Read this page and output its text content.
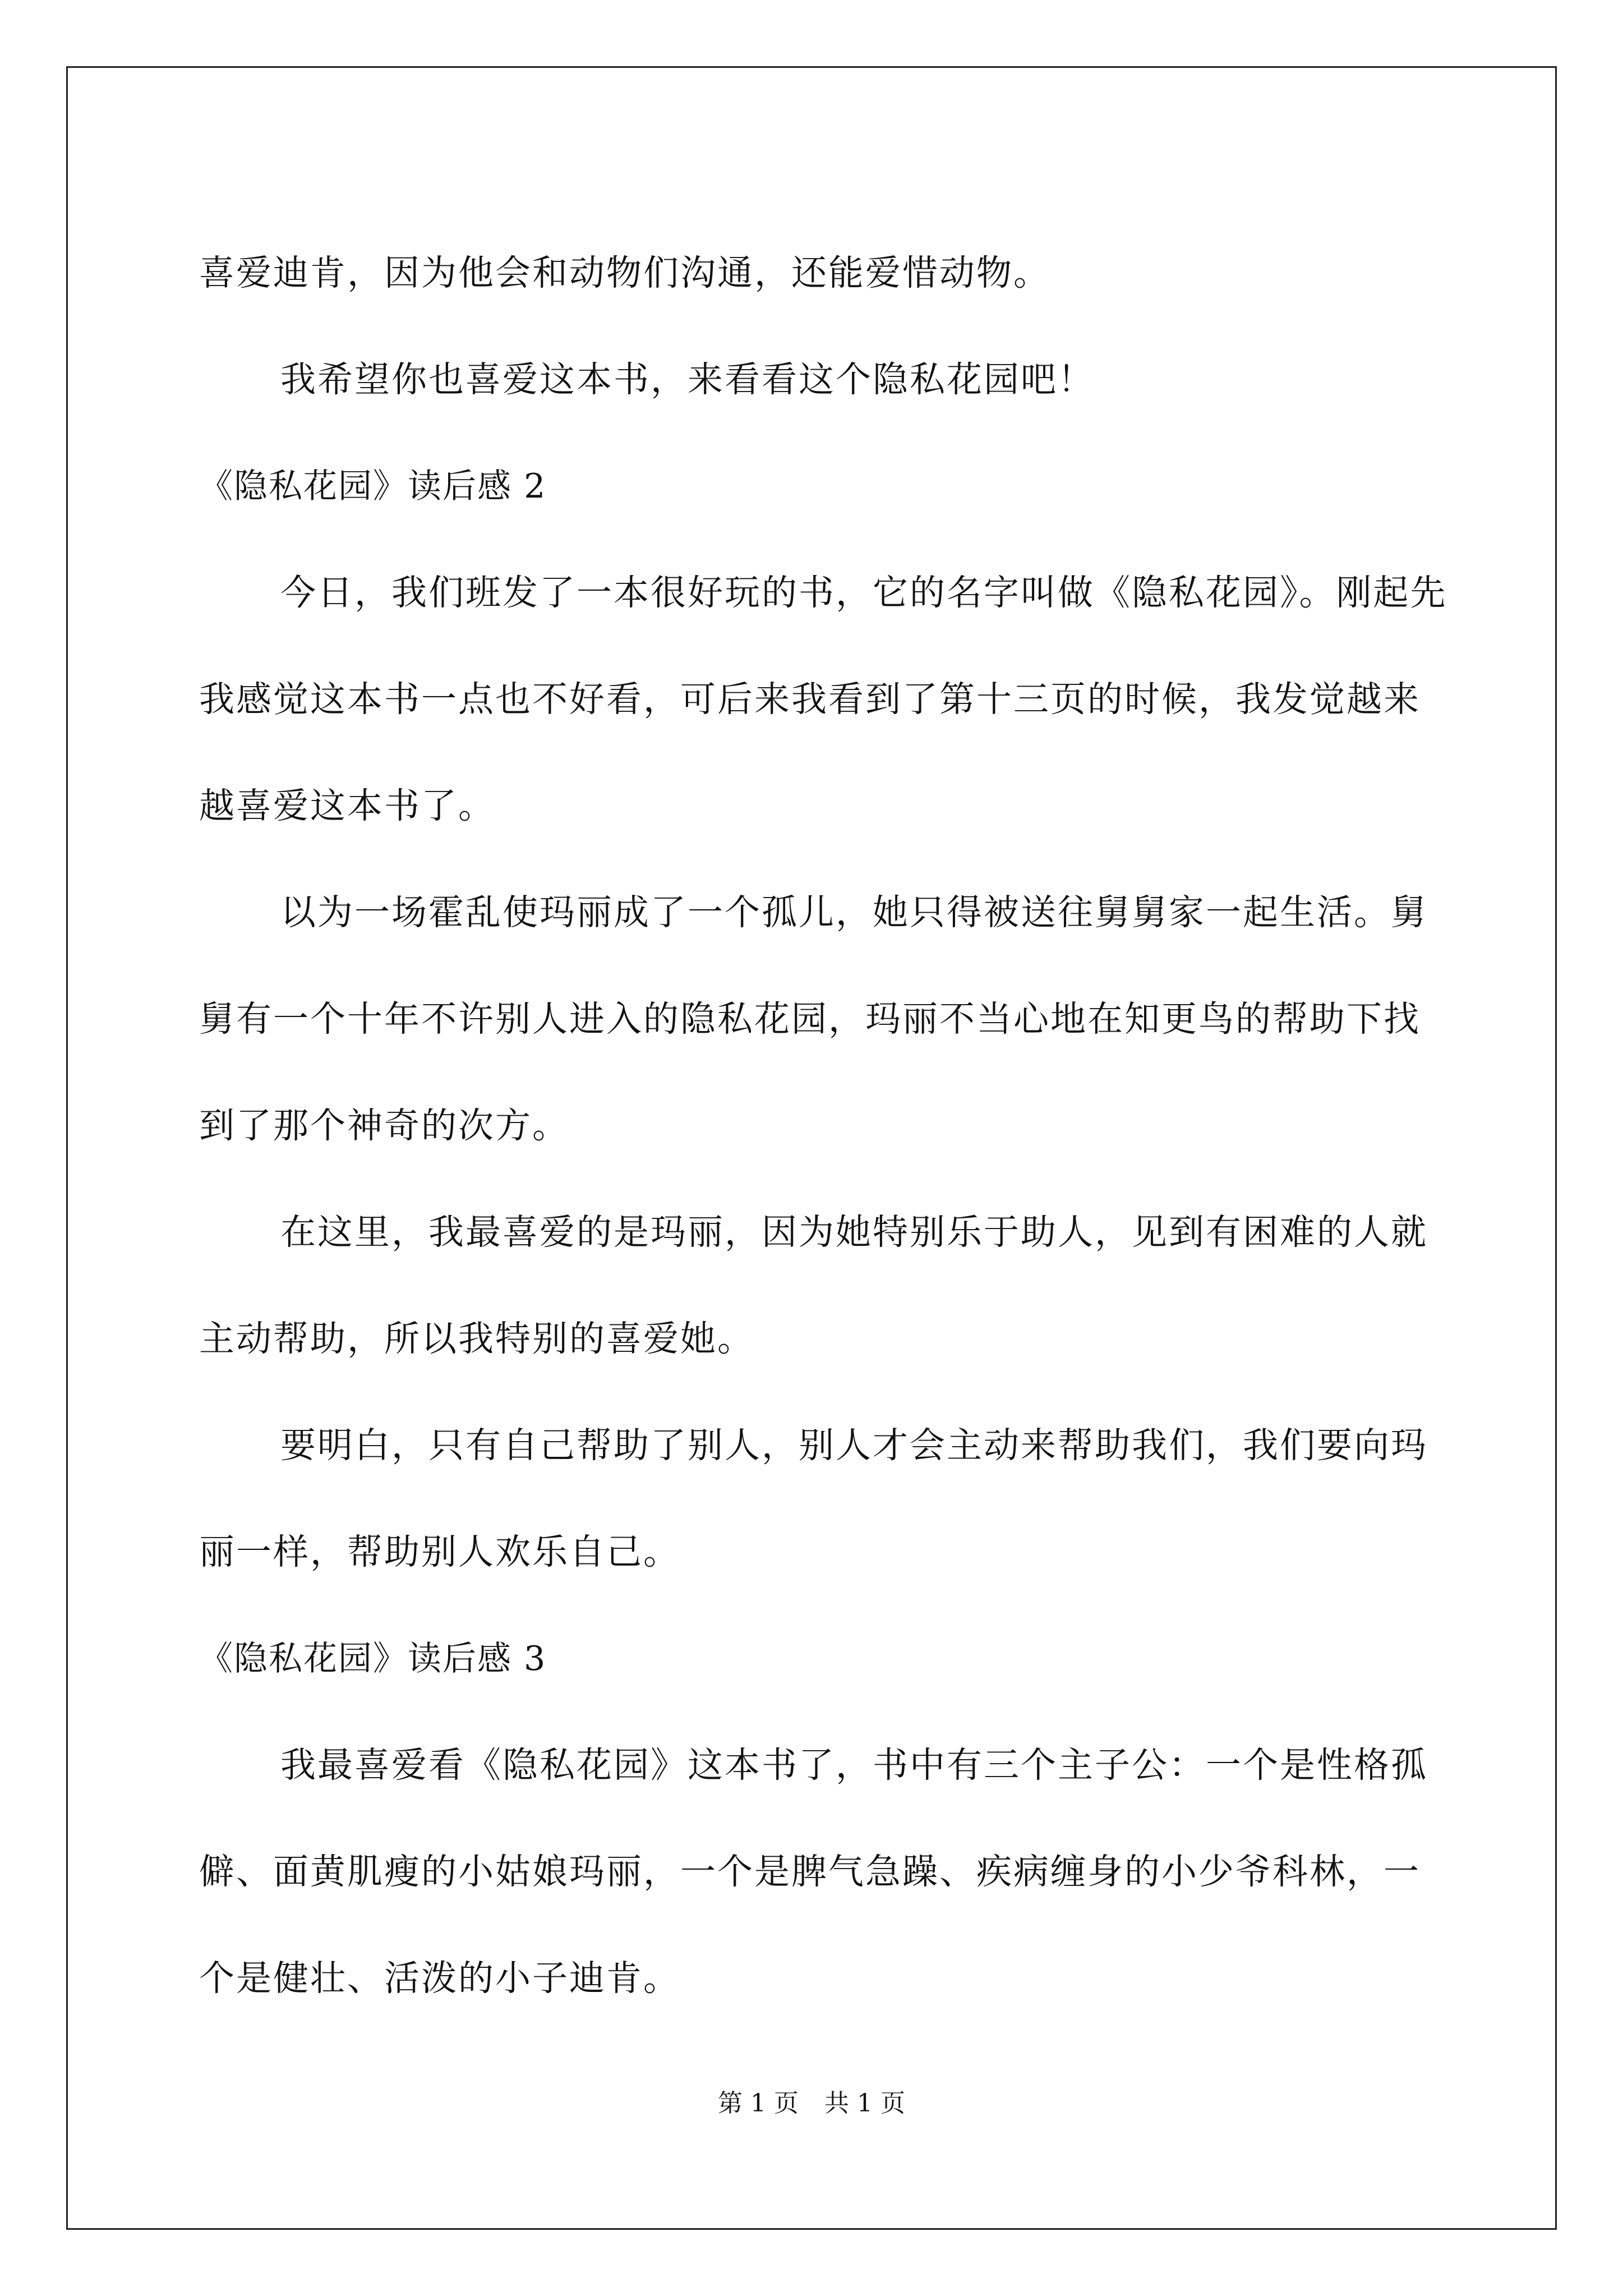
喜爱迪肯，因为他会和动物们沟通，还能爱惜动物。

我希望你也喜爱这本书，来看看这个隐私花园吧！

《隐私花园》读后感 2

今日，我们班发了一本很好玩的书，它的名字叫做《隐私花园》。刚起先我感觉这本书一点也不好看，可后来我看到了第十三页的时候，我发觉越来越喜爱这本书了。

以为一场霍乱使玛丽成了一个孤儿，她只得被送往舅舅家一起生活。舅舅有一个十年不许别人进入的隐私花园，玛丽不当心地在知更鸟的帮助下找到了那个神奇的次方。

在这里，我最喜爱的是玛丽，因为她特别乐于助人，见到有困难的人就主动帮助，所以我特别的喜爱她。

要明白，只有自己帮助了别人，别人才会主动来帮助我们，我们要向玛丽一样，帮助别人欢乐自己。

《隐私花园》读后感 3

我最喜爱看《隐私花园》这本书了，书中有三个主子公：一个是性格孤僻、面黄肌瘦的小姑娘玛丽，一个是脾气急躁、疾病缠身的小少爷科林，一个是健壮、活泼的小子迪肯。

第 1 页 共 1 页
